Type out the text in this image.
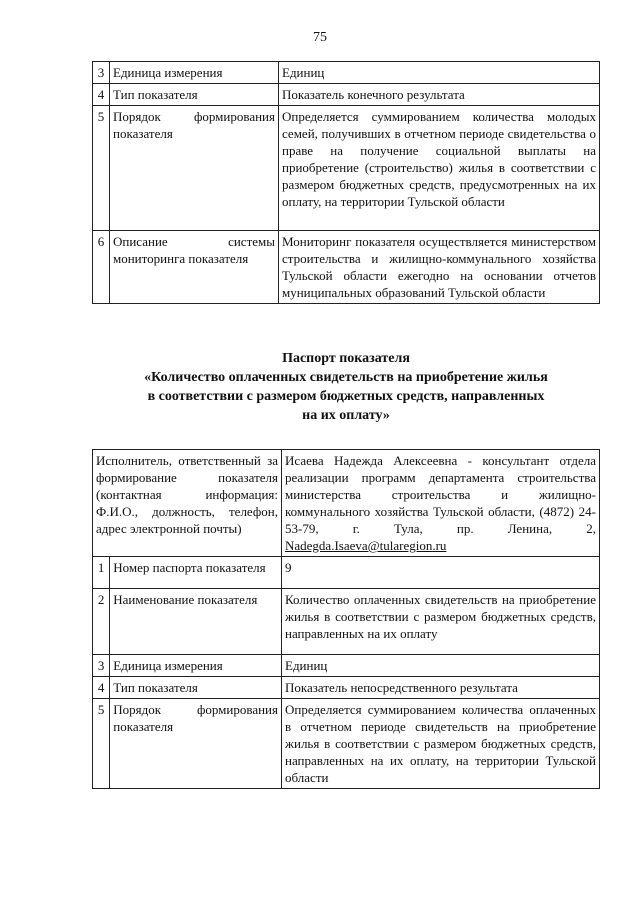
75
3	Единица измерения	Единиц
4	Тип показателя	Показатель конечного результата
5	Порядок формирования показателя	Определяется суммированием количества молодых семей, получивших в отчетном периоде свидетельства о праве на получение социальной выплаты на приобретение (строительство) жилья в соответствии с размером бюджетных средств, предусмотренных на их оплату, на территории Тульской области
6	Описание системы мониторинга показателя	Мониторинг показателя осуществляется министерством строительства и жилищно-коммунального хозяйства Тульской области ежегодно на основании отчетов муниципальных образований Тульской области
Паспорт показателя
«Количество оплаченных свидетельств на приобретение жилья
в соответствии с размером бюджетных средств, направленных
на их оплату»
Исполнитель, ответственный за формирование показателя (контактная информация: Ф.И.О., должность, телефон, адрес электронной почты)		Исаева Надежда Алексеевна - консультант отдела реализации программ департамента строительства министерства строительства и жилищно-коммунального хозяйства Тульской области, (4872) 24-53-79, г. Тула, пр. Ленина, 2, Nadegda.Isaeva@tularegion.ru
1	Номер паспорта показателя	9
2	Наименование показателя	Количество оплаченных свидетельств на приобретение жилья в соответствии с размером бюджетных средств, направленных на их оплату
3	Единица измерения	Единиц
4	Тип показателя	Показатель непосредственного результата
5	Порядок формирования показателя	Определяется суммированием количества оплаченных в отчетном периоде свидетельств на приобретение жилья в соответствии с размером бюджетных средств, направленных на их оплату, на территории Тульской области
